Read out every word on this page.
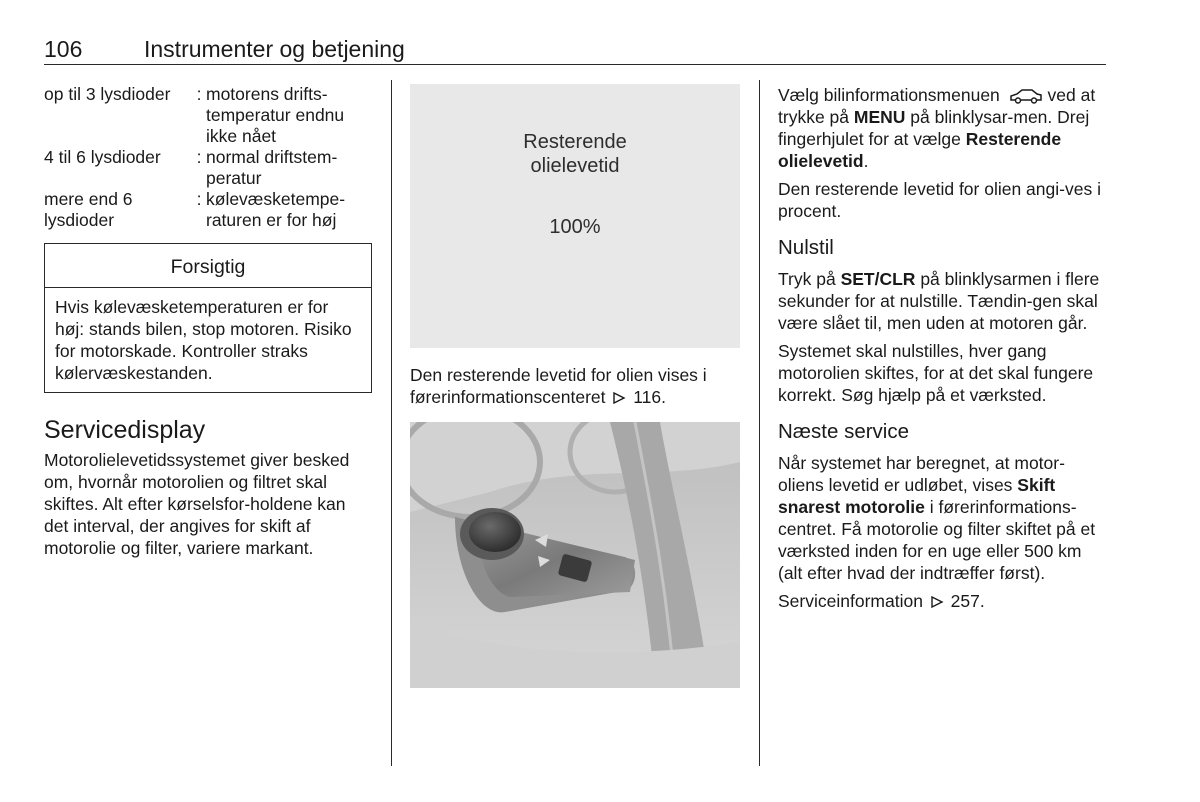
106	Instrumenter og betjening
op til 3 lysdioder	:	motorens drifts-temperatur endnu ikke nået
4 til 6 lysdioder	:	normal driftstem-peratur
mere end 6 lysdioder	:	kølevæsketempe-raturen er for høj
Forsigtig
Hvis kølevæsketemperaturen er for høj: stands bilen, stop motoren. Risiko for motorskade. Kontroller straks kølervæskestanden.
Servicedisplay

Motorolielevetidssystemet giver besked om, hvornår motorolien og filtret skal skiftes. Alt efter kørselsfor-holdene kan det interval, der angives for skift af motorolie og filter, variere markant.

Resterende
olielevetid
100%

Den resterende levetid for olien vises i førerinformationscenteret 116.

Vælg bilinformationsmenuen	ved at trykke på MENU på blinklysar-men. Drej fingerhjulet for at vælge Resterende olielevetid.

Den resterende levetid for olien angi-ves i procent.

Nulstil

Tryk på SET/CLR på blinklysarmen i flere sekunder for at nulstille. Tændin-gen skal være slået til, men uden at motoren går.

Systemet skal nulstilles, hver gang motorolien skiftes, for at det skal fungere korrekt. Søg hjælp på et værksted.

Næste service

Når systemet har beregnet, at motor-oliens levetid er udløbet, vises Skift snarest motorolie i førerinformations-centret. Få motorolie og filter skiftet på et værksted inden for en uge eller 500 km (alt efter hvad der indtræffer først).

Serviceinformation 257.
